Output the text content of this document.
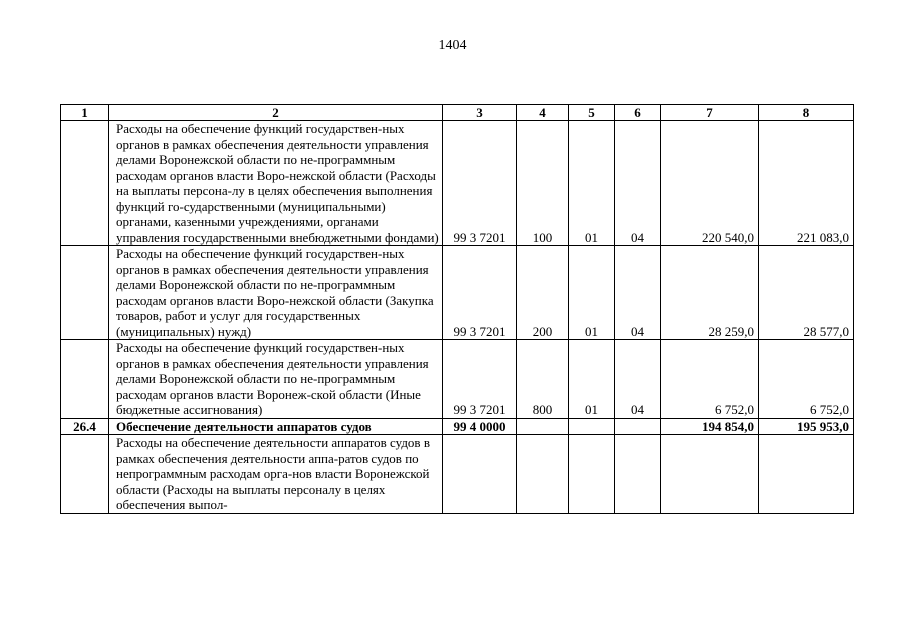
1404
1	2	3	4	5	6	7	8
	Расходы на обеспечение функций государствен-ных органов в рамках обеспечения деятельности управления делами Воронежской области по не-программным расходам органов власти Воро-нежской области (Расходы на выплаты персона-лу в целях обеспечения выполнения функций го-сударственными (муниципальными) органами, казенными учреждениями, органами управления государственными внебюджетными фондами)	99 3 7201	100	01	04	220 540,0	221 083,0
	Расходы на обеспечение функций государствен-ных органов в рамках обеспечения деятельности управления делами Воронежской области по не-программным расходам органов власти Воро-нежской области (Закупка товаров, работ и услуг для государственных (муниципальных) нужд)	99 3 7201	200	01	04	28 259,0	28 577,0
	Расходы на обеспечение функций государствен-ных органов в рамках обеспечения деятельности управления делами Воронежской области по не-программным расходам органов власти Воронеж-ской области (Иные бюджетные ассигнования)	99 3 7201	800	01	04	6 752,0	6 752,0
26.4	Обеспечение деятельности аппаратов судов	99 4 0000				194 854,0	195 953,0
	Расходы на обеспечение деятельности аппаратов судов в рамках обеспечения деятельности аппа-ратов судов по непрограммным расходам орга-нов власти Воронежской области (Расходы на выплаты персоналу в целях обеспечения выпол-						
